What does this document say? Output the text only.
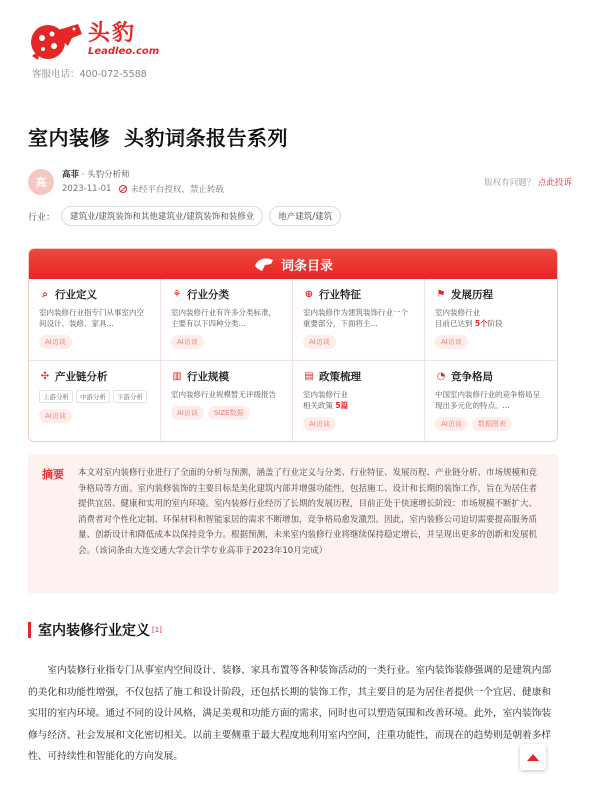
头豹
Leadleo.com
客服电话：400-072-5588
室内装修 头豹词条报告系列
高
高菲 · 头豹分析师
2023-11-01 未经平台授权、禁止转载
版权有问题？ 点此投诉
行业：	建筑业/建筑装饰和其他建筑业/建筑装饰和装修业	地产建筑/建筑
词条目录
⌕ 行业定义
室内装修行业指专门从事室内空间设计、装修、家具...
AI访谈
⚘ 行业分类
室内装修行业有许多分类标准，主要有以下四种分类...
AI访谈
⊕ 行业特征
室内装修作为建筑装饰行业一个重要部分，下面将主...
AI访谈
⚑ 发展历程
室内装修行业
目前已达到 5个阶段
AI访谈
✣ 产业链分析
上游分析	中游分析	下游分析
AI访谈
▥ 行业规模
室内装修行业规模暂无评级报告
AI访谈	SIZE数据
▤ 政策梳理
室内装修行业
相关政策 5篇
AI访谈
◔ 竞争格局
中国室内装修行业的竞争格局呈现出多元化的特点。...
AI访谈	数据图表
摘要	本文对室内装修行业进行了全面的分析与预测，涵盖了行业定义与分类、行业特征、发展历程、产业链分析、市场规模和竞争格局等方面。室内装修装饰的主要目标是美化建筑内部并增强功能性，包括施工、设计和长期的装饰工作，旨在为居住者提供宜居、健康和实用的室内环境。室内装修行业经历了长期的发展历程，目前正处于快速增长阶段：市场规模不断扩大、消费者对个性化定制、环保材料和智能家居的需求不断增加，竞争格局愈发激烈。因此，室内装修公司迫切需要提高服务质量、创新设计和降低成本以保持竞争力。根据预测，未来室内装修行业将继续保持稳定增长，并呈现出更多的创新和发展机会。（该词条由大连交通大学会计学专业高菲于2023年10月完成）
室内装修行业定义 [1]
室内装修行业指专门从事室内空间设计、装修、家具布置等各种装饰活动的一类行业。室内装饰装修强调的是建筑内部的美化和功能性增强，不仅包括了施工和设计阶段，还包括长期的装饰工作，其主要目的是为居住者提供一个宜居、健康和实用的室内环境。通过不同的设计风格，满足美观和功能方面的需求，同时也可以塑造氛围和改善环境。此外，室内装饰装修与经济、社会发展和文化密切相关。以前主要侧重于最大程度地利用室内空间，注重功能性，而现在的趋势则是朝着多样性、可持续性和智能化的方向发展。
